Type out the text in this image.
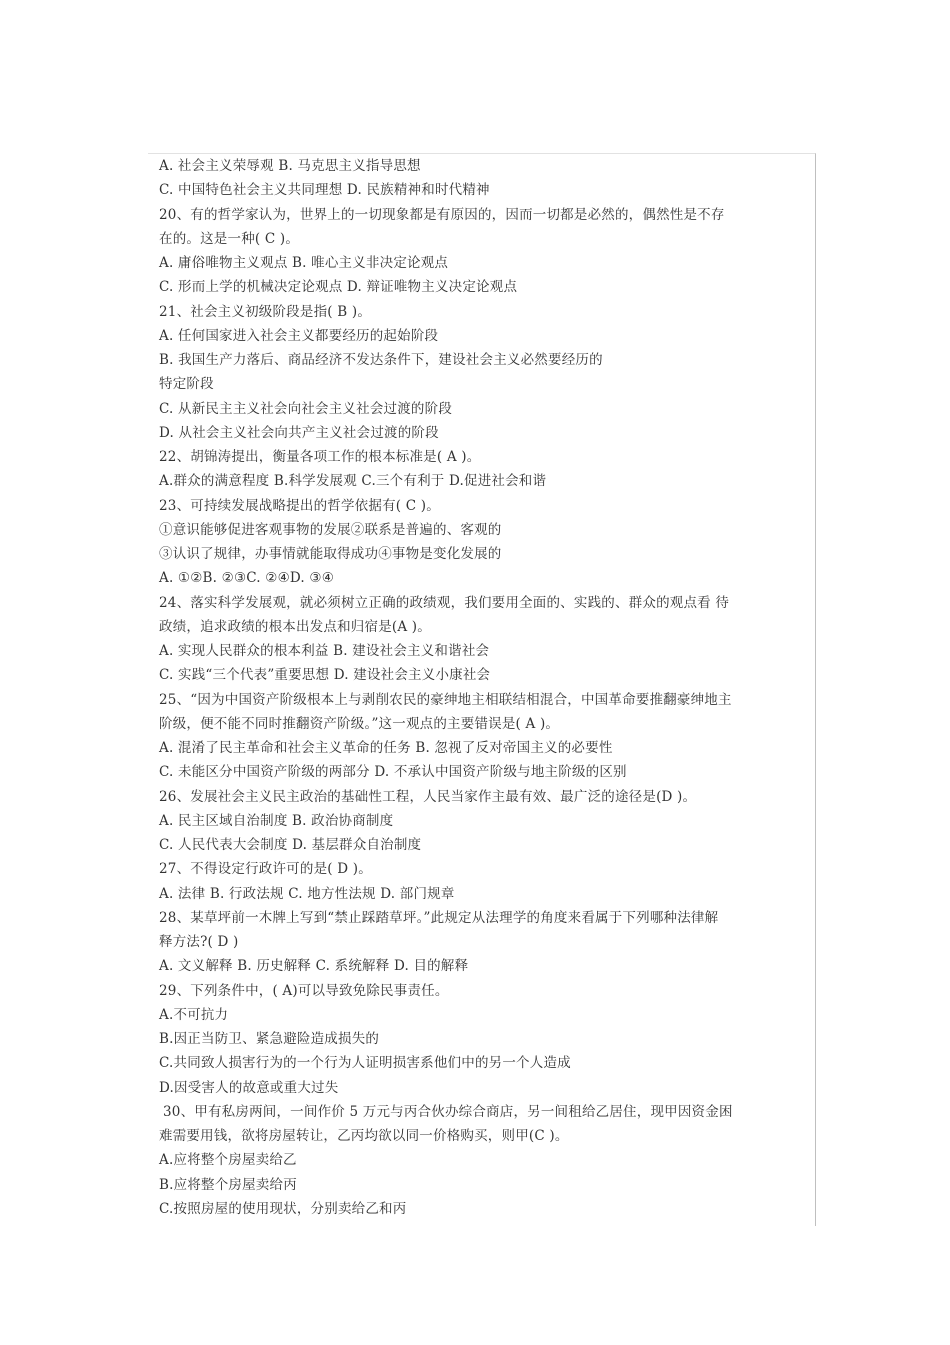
A. 社会主义荣辱观 B. 马克思主义指导思想
C. 中国特色社会主义共同理想 D. 民族精神和时代精神
20、有的哲学家认为，世界上的一切现象都是有原因的，因而一切都是必然的，偶然性是不存
在的。这是一种( C )。
A. 庸俗唯物主义观点 B. 唯心主义非决定论观点
C. 形而上学的机械决定论观点 D. 辩证唯物主义决定论观点
21、社会主义初级阶段是指( B )。
A. 任何国家进入社会主义都要经历的起始阶段
B. 我国生产力落后、商品经济不发达条件下，建设社会主义必然要经历的
特定阶段
C. 从新民主主义社会向社会主义社会过渡的阶段
D. 从社会主义社会向共产主义社会过渡的阶段
22、胡锦涛提出，衡量各项工作的根本标准是( A )。
A.群众的满意程度 B.科学发展观 C.三个有利于 D.促进社会和谐
23、可持续发展战略提出的哲学依据有( C )。
①意识能够促进客观事物的发展②联系是普遍的、客观的
③认识了规律，办事情就能取得成功④事物是变化发展的
A. ①②B. ②③C. ②④D. ③④
24、落实科学发展观，就必须树立正确的政绩观，我们要用全面的、实践的、群众的观点看 待
政绩，追求政绩的根本出发点和归宿是(A )。
A. 实现人民群众的根本利益 B. 建设社会主义和谐社会
C. 实践“三个代表”重要思想 D. 建设社会主义小康社会
25、“因为中国资产阶级根本上与剥削农民的豪绅地主相联结相混合，中国革命要推翻豪绅地主
阶级，便不能不同时推翻资产阶级。”这一观点的主要错误是( A )。
A. 混淆了民主革命和社会主义革命的任务 B. 忽视了反对帝国主义的必要性
C. 未能区分中国资产阶级的两部分 D. 不承认中国资产阶级与地主阶级的区别
26、发展社会主义民主政治的基础性工程，人民当家作主最有效、最广泛的途径是(D )。
A. 民主区域自治制度 B. 政治协商制度
C. 人民代表大会制度 D. 基层群众自治制度
27、不得设定行政许可的是( D )。
A. 法律 B. 行政法规 C. 地方性法规 D. 部门规章
28、某草坪前一木牌上写到“禁止踩踏草坪。”此规定从法理学的角度来看属于下列哪种法律解
释方法?( D )
A. 文义解释 B. 历史解释 C. 系统解释 D. 目的解释
29、下列条件中，( A)可以导致免除民事责任。
A.不可抗力
B.因正当防卫、紧急避险造成损失的
C.共同致人损害行为的一个行为人证明损害系他们中的另一个人造成
D.因受害人的故意或重大过失
30、甲有私房两间，一间作价 5 万元与丙合伙办综合商店，另一间租给乙居住，现甲因资金困
难需要用钱，欲将房屋转让，乙丙均欲以同一价格购买，则甲(C )。
A.应将整个房屋卖给乙
B.应将整个房屋卖给丙
C.按照房屋的使用现状，分别卖给乙和丙
